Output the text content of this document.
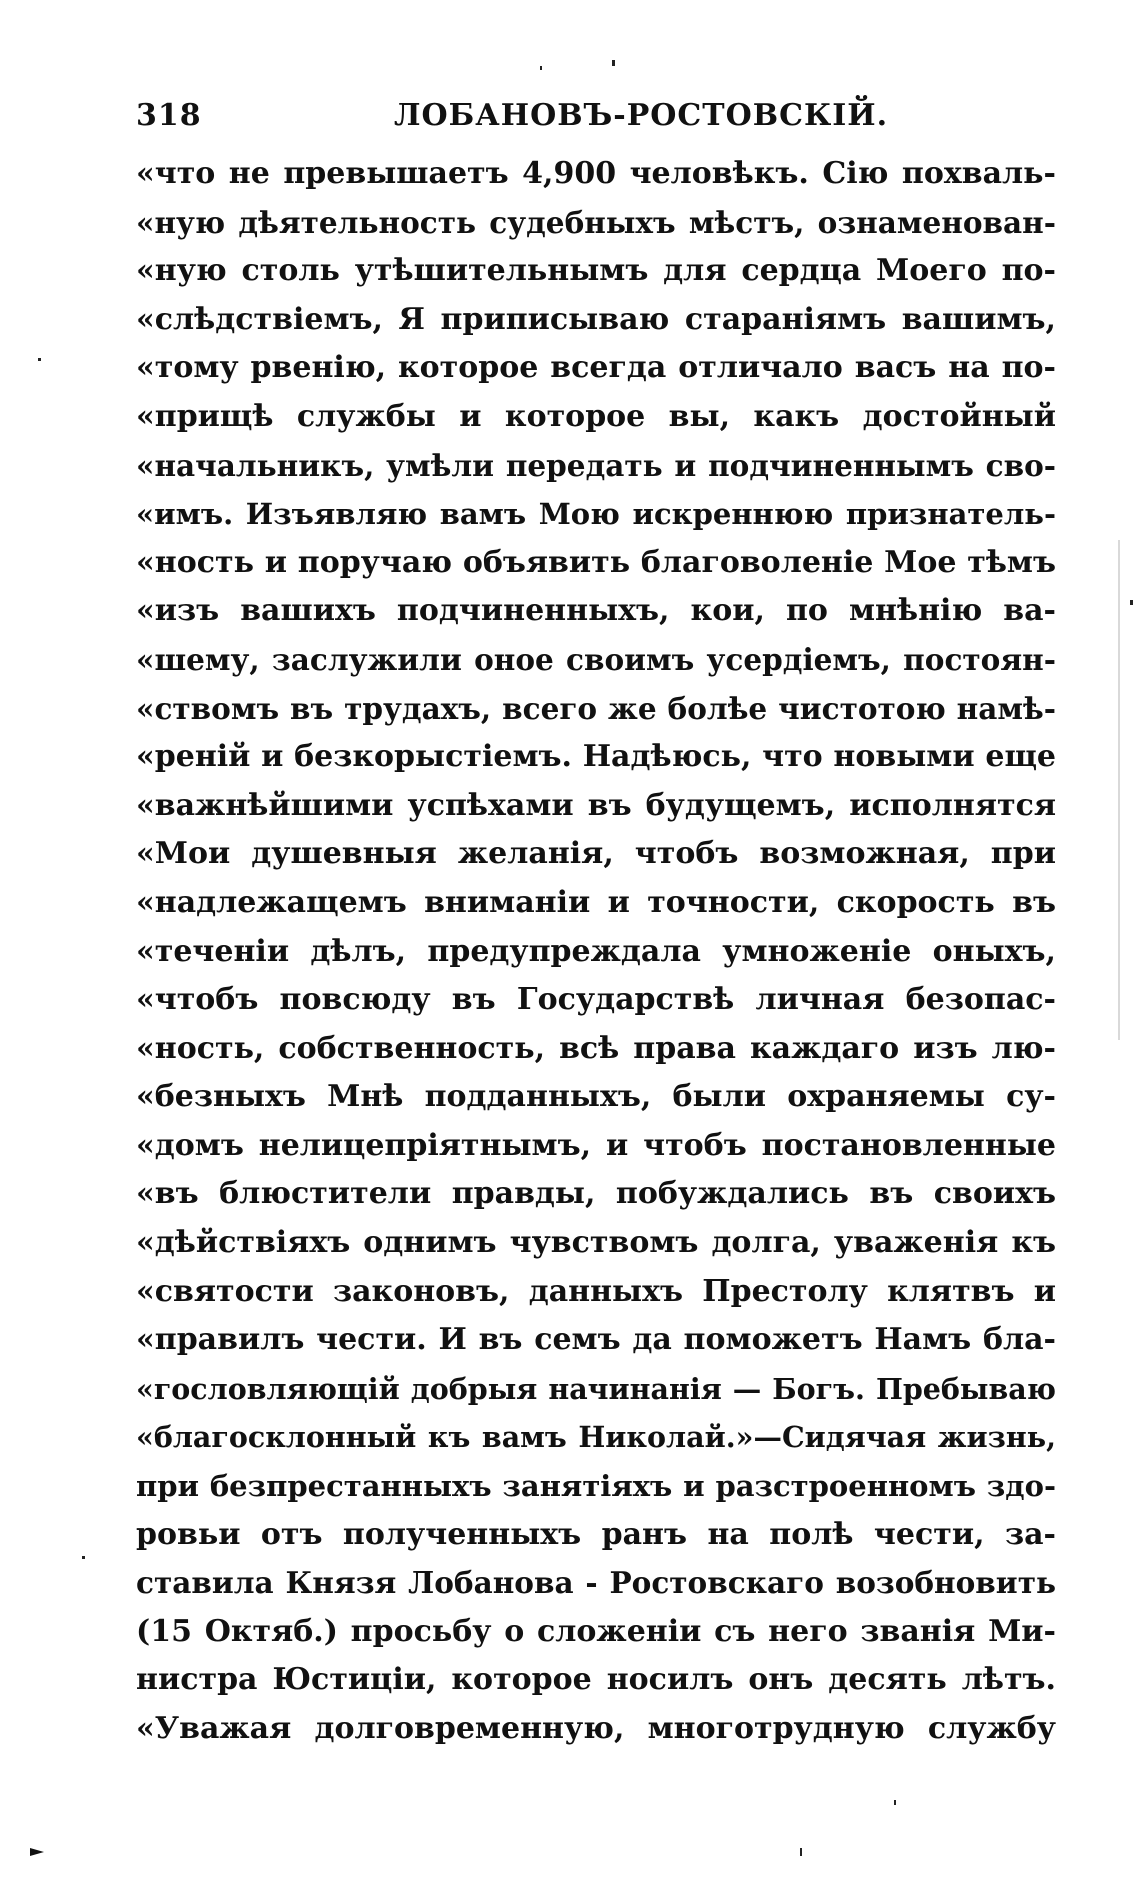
318	ЛОБАНОВЪ-РОСТОВСКІЙ.
«что не превышаетъ 4,900 человѣкъ. Сію похваль-
«ную дѣятельность судебныхъ мѣстъ, ознаменован-
«ную столь утѣшительнымъ для сердца Моего по-
«слѣдствіемъ, Я приписываю стараніямъ вашимъ,
«тому рвенію, которое всегда отличало васъ на по-
«прищѣ службы и которое вы, какъ достойный
«начальникъ, умѣли передать и подчиненнымъ сво-
«имъ. Изъявляю вамъ Мою искреннюю признатель-
«ность и поручаю объявить благоволеніе Мое тѣмъ
«изъ вашихъ подчиненныхъ, кои, по мнѣнію ва-
«шему, заслужили оное своимъ усердіемъ, постоян-
«ствомъ въ трудахъ, всего же болѣе чистотою намѣ-
«реній и безкорыстіемъ. Надѣюсь, что новыми еще
«важнѣйшими успѣхами въ будущемъ, исполнятся
«Мои душевныя желанія, чтобъ возможная, при
«надлежащемъ вниманіи и точности, скорость въ
«теченіи дѣлъ, предупреждала умноженіе оныхъ,
«чтобъ повсюду въ Государствѣ личная безопас-
«ность, собственность, всѣ права каждаго изъ лю-
«безныхъ Мнѣ подданныхъ, были охраняемы су-
«домъ нелицепріятнымъ, и чтобъ постановленные
«въ блюстители правды, побуждались въ своихъ
«дѣйствіяхъ однимъ чувствомъ долга, уваженія къ
«святости законовъ, данныхъ Престолу клятвъ и
«правилъ чести. И въ семъ да поможетъ Намъ бла-
«гословляющій добрыя начинанія — Богъ. Пребываю
«благосклонный къ вамъ Николай.»—Сидячая жизнь,
при безпрестанныхъ занятіяхъ и разстроенномъ здо-
ровьи отъ полученныхъ ранъ на полѣ чести, за-
ставила Князя Лобанова - Ростовскаго возобновить
(15 Октяб.) просьбу о сложеніи съ него званія Ми-
нистра Юстиціи, которое носилъ онъ десять лѣтъ.
«Уважая долговременную, многотрудную службу
